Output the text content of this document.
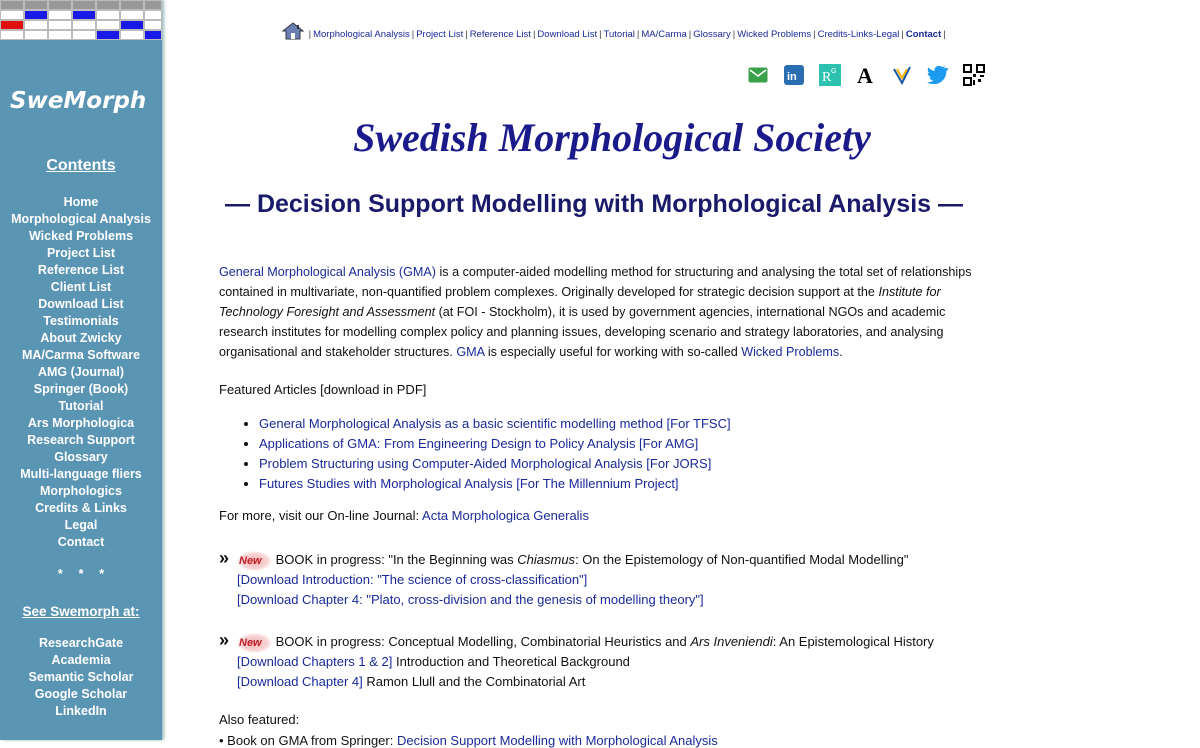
SweMorph
Contents
Home
Morphological Analysis
Wicked Problems
Project List
Reference List
Client List
Download List
Testimonials
About Zwicky
MA/Carma Software
AMG (Journal)
Springer (Book)
Tutorial
Ars Morphologica
Research Support
Glossary
Multi-language fliers
Morphologics
Credits & Links
Legal
Contact
* * *
See Swemorph at:
ResearchGate
Academia
Semantic Scholar
Google Scholar
LinkedIn
| Morphological Analysis | Project List | Reference List | Download List | Tutorial | MA/Carma | Glossary | Wicked Problems | Credits-Links-Legal | Contact |
in R G A
Swedish Morphological Society
— Decision Support Modelling with Morphological Analysis —
General Morphological Analysis (GMA) is a computer-aided modelling method for structuring and analysing the total set of relationships contained in multivariate, non-quantified problem complexes. Originally developed for strategic decision support at the Institute for Technology Foresight and Assessment (at FOI - Stockholm), it is used by government agencies, international NGOs and academic research institutes for modelling complex policy and planning issues, developing scenario and strategy laboratories, and analysing organisational and stakeholder structures. GMA is especially useful for working with so-called Wicked Problems.
Featured Articles [download in PDF]
• General Morphological Analysis as a basic scientific modelling method [For TFSC]
• Applications of GMA: From Engineering Design to Policy Analysis [For AMG]
• Problem Structuring using Computer-Aided Morphological Analysis [For JORS]
• Futures Studies with Morphological Analysis [For The Millennium Project]
For more, visit our On-line Journal: Acta Morphologica Generalis
» New BOOK in progress: "In the Beginning was Chiasmus: On the Epistemology of Non-quantified Modal Modelling"
[Download Introduction: "The science of cross-classification"]
[Download Chapter 4: "Plato, cross-division and the genesis of modelling theory"]
» New BOOK in progress: Conceptual Modelling, Combinatorial Heuristics and Ars Inveniendi: An Epistemological History
[Download Chapters 1 & 2] Introduction and Theoretical Background
[Download Chapter 4] Ramon Llull and the Combinatorial Art
Also featured:
• Book on GMA from Springer: Decision Support Modelling with Morphological Analysis
